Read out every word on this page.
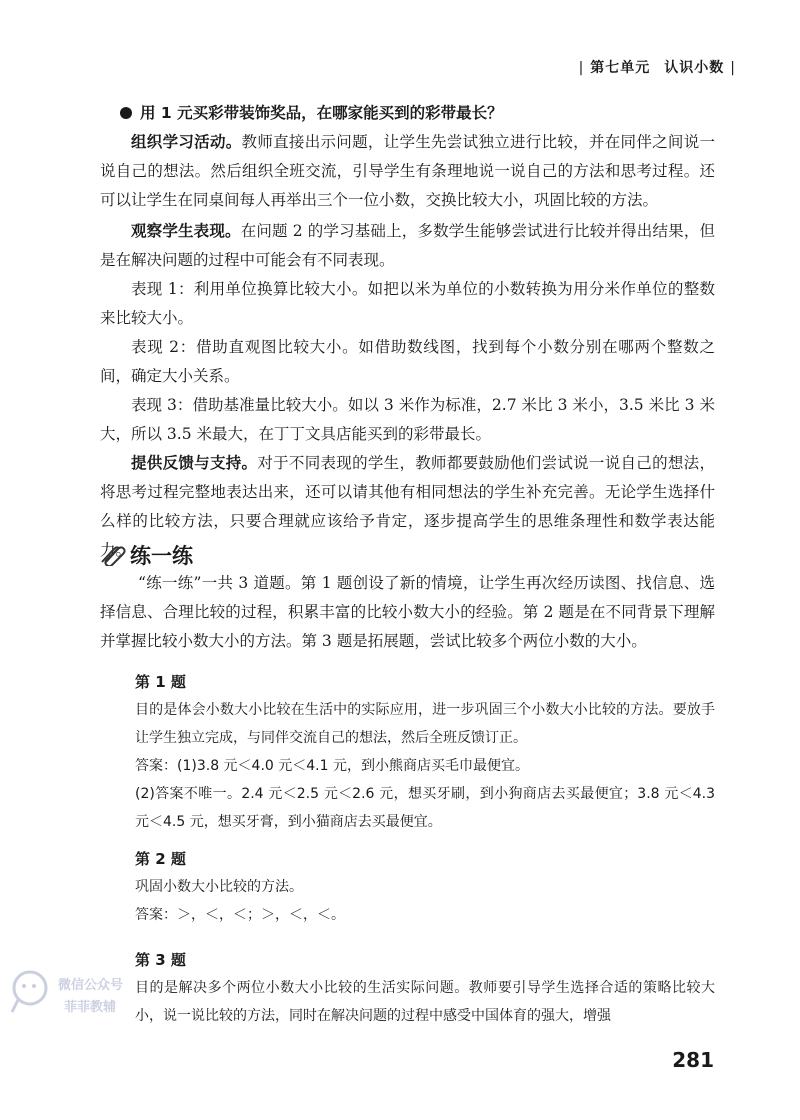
| 第七单元 认识小数 |

用 1 元买彩带装饰奖品，在哪家能买到的彩带最长？

组织学习活动。教师直接出示问题，让学生先尝试独立进行比较，并在同伴之间说一说自己的想法。然后组织全班交流，引导学生有条理地说一说自己的方法和思考过程。还可以让学生在同桌间每人再举出三个一位小数，交换比较大小，巩固比较的方法。

观察学生表现。在问题 2 的学习基础上，多数学生能够尝试进行比较并得出结果，但是在解决问题的过程中可能会有不同表现。

表现 1：利用单位换算比较大小。如把以米为单位的小数转换为用分米作单位的整数来比较大小。

表现 2：借助直观图比较大小。如借助数线图，找到每个小数分别在哪两个整数之间，确定大小关系。

表现 3：借助基准量比较大小。如以 3 米作为标准，2.7 米比 3 米小，3.5 米比 3 米大，所以 3.5 米最大，在丁丁文具店能买到的彩带最长。

提供反馈与支持。对于不同表现的学生，教师都要鼓励他们尝试说一说自己的想法，将思考过程完整地表达出来，还可以请其他有相同想法的学生补充完善。无论学生选择什么样的比较方法，只要合理就应该给予肯定，逐步提高学生的思维条理性和数学表达能力。

练一练

“练一练”一共 3 道题。第 1 题创设了新的情境，让学生再次经历读图、找信息、选择信息、合理比较的过程，积累丰富的比较小数大小的经验。第 2 题是在不同背景下理解并掌握比较小数大小的方法。第 3 题是拓展题，尝试比较多个两位小数的大小。

第 1 题

目的是体会小数大小比较在生活中的实际应用，进一步巩固三个小数大小比较的方法。要放手让学生独立完成，与同伴交流自己的想法，然后全班反馈订正。

答案：(1)3.8 元＜4.0 元＜4.1 元，到小熊商店买毛巾最便宜。

(2)答案不唯一。2.4 元＜2.5 元＜2.6 元，想买牙刷，到小狗商店去买最便宜；3.8 元＜4.3 元＜4.5 元，想买牙膏，到小猫商店去买最便宜。

第 2 题

巩固小数大小比较的方法。

答案：＞，＜，＜；＞，＜，＜。

第 3 题

目的是解决多个两位小数大小比较的生活实际问题。教师要引导学生选择合适的策略比较大小，说一说比较的方法，同时在解决问题的过程中感受中国体育的强大，增强

微信公众号
菲菲教辅
281
